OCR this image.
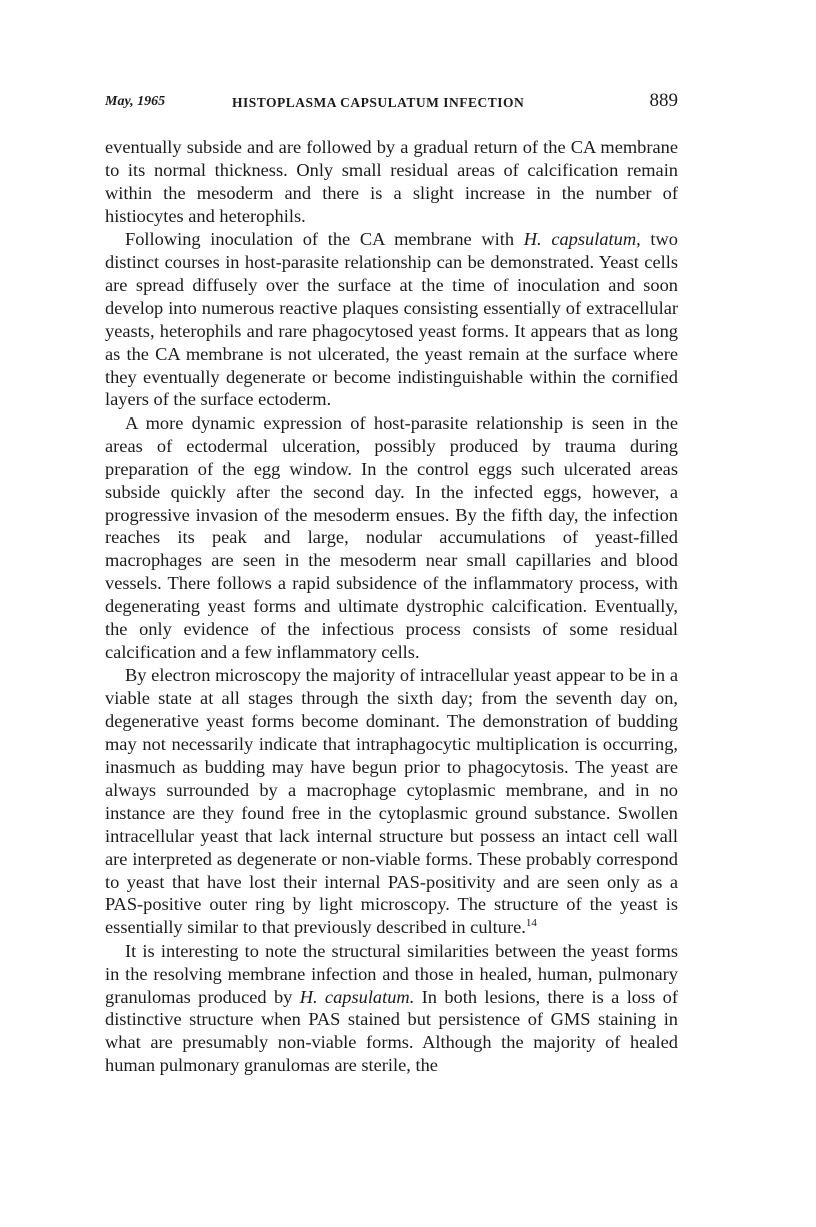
May, 1965	HISTOPLASMA CAPSULATUM INFECTION	889

eventually subside and are followed by a gradual return of the CA membrane to its normal thickness. Only small residual areas of calcification remain within the mesoderm and there is a slight increase in the number of histiocytes and heterophils.

Following inoculation of the CA membrane with H. capsulatum, two distinct courses in host-parasite relationship can be demonstrated. Yeast cells are spread diffusely over the surface at the time of inoculation and soon develop into numerous reactive plaques consisting essentially of extracellular yeasts, heterophils and rare phagocytosed yeast forms. It appears that as long as the CA membrane is not ulcerated, the yeast remain at the surface where they eventually degenerate or become indistinguishable within the cornified layers of the surface ectoderm.

A more dynamic expression of host-parasite relationship is seen in the areas of ectodermal ulceration, possibly produced by trauma during preparation of the egg window. In the control eggs such ulcerated areas subside quickly after the second day. In the infected eggs, however, a progressive invasion of the mesoderm ensues. By the fifth day, the infection reaches its peak and large, nodular accumulations of yeast-filled macrophages are seen in the mesoderm near small capillaries and blood vessels. There follows a rapid subsidence of the inflammatory process, with degenerating yeast forms and ultimate dystrophic calcification. Eventually, the only evidence of the infectious process consists of some residual calcification and a few inflammatory cells.

By electron microscopy the majority of intracellular yeast appear to be in a viable state at all stages through the sixth day; from the seventh day on, degenerative yeast forms become dominant. The demonstration of budding may not necessarily indicate that intraphagocytic multiplication is occurring, inasmuch as budding may have begun prior to phagocytosis. The yeast are always surrounded by a macrophage cytoplasmic membrane, and in no instance are they found free in the cytoplasmic ground substance. Swollen intracellular yeast that lack internal structure but possess an intact cell wall are interpreted as degenerate or non-viable forms. These probably correspond to yeast that have lost their internal PAS-positivity and are seen only as a PAS-positive outer ring by light microscopy. The structure of the yeast is essentially similar to that previously described in culture.$^{14}$

It is interesting to note the structural similarities between the yeast forms in the resolving membrane infection and those in healed, human, pulmonary granulomas produced by H. capsulatum. In both lesions, there is a loss of distinctive structure when PAS stained but persistence of GMS staining in what are presumably non-viable forms. Although the majority of healed human pulmonary granulomas are sterile, the
